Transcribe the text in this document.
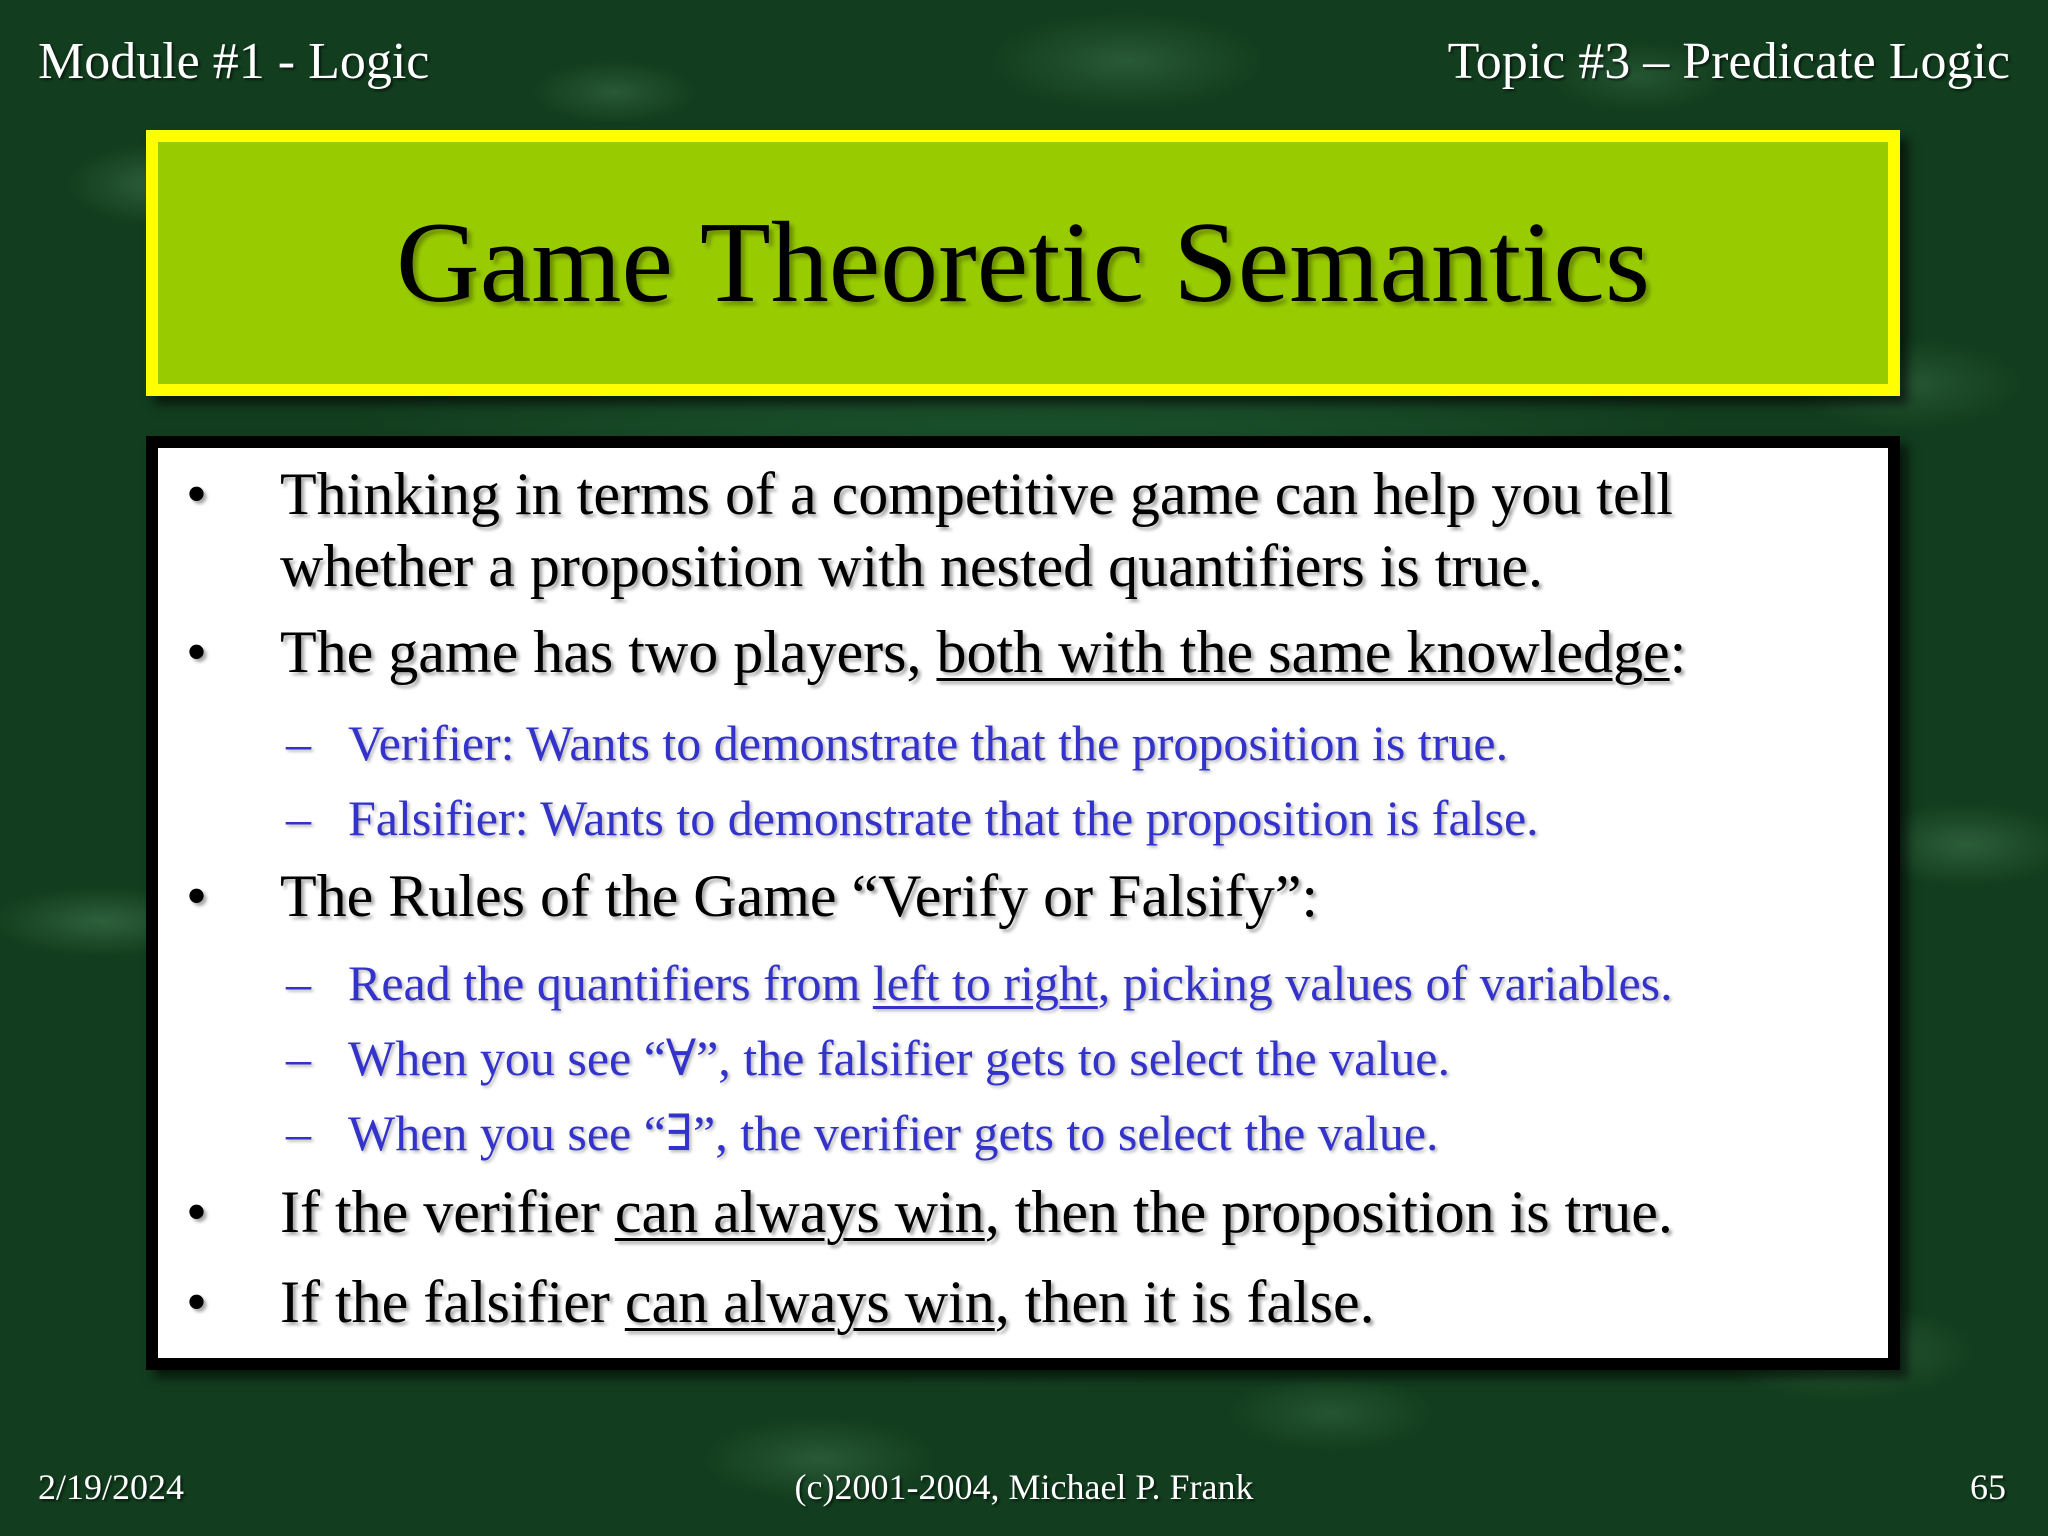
Module #1 - Logic	Topic #3 – Predicate Logic
Game Theoretic Semantics
• Thinking in terms of a competitive game can help you tell whether a proposition with nested quantifiers is true.
• The game has two players, both with the same knowledge:
– Verifier: Wants to demonstrate that the proposition is true.
– Falsifier: Wants to demonstrate that the proposition is false.
• The Rules of the Game “Verify or Falsify”:
– Read the quantifiers from left to right, picking values of variables.
– When you see “∀”, the falsifier gets to select the value.
– When you see “∃”, the verifier gets to select the value.
• If the verifier can always win, then the proposition is true.
• If the falsifier can always win, then it is false.
2/19/2024	(c)2001-2004, Michael P. Frank	65
